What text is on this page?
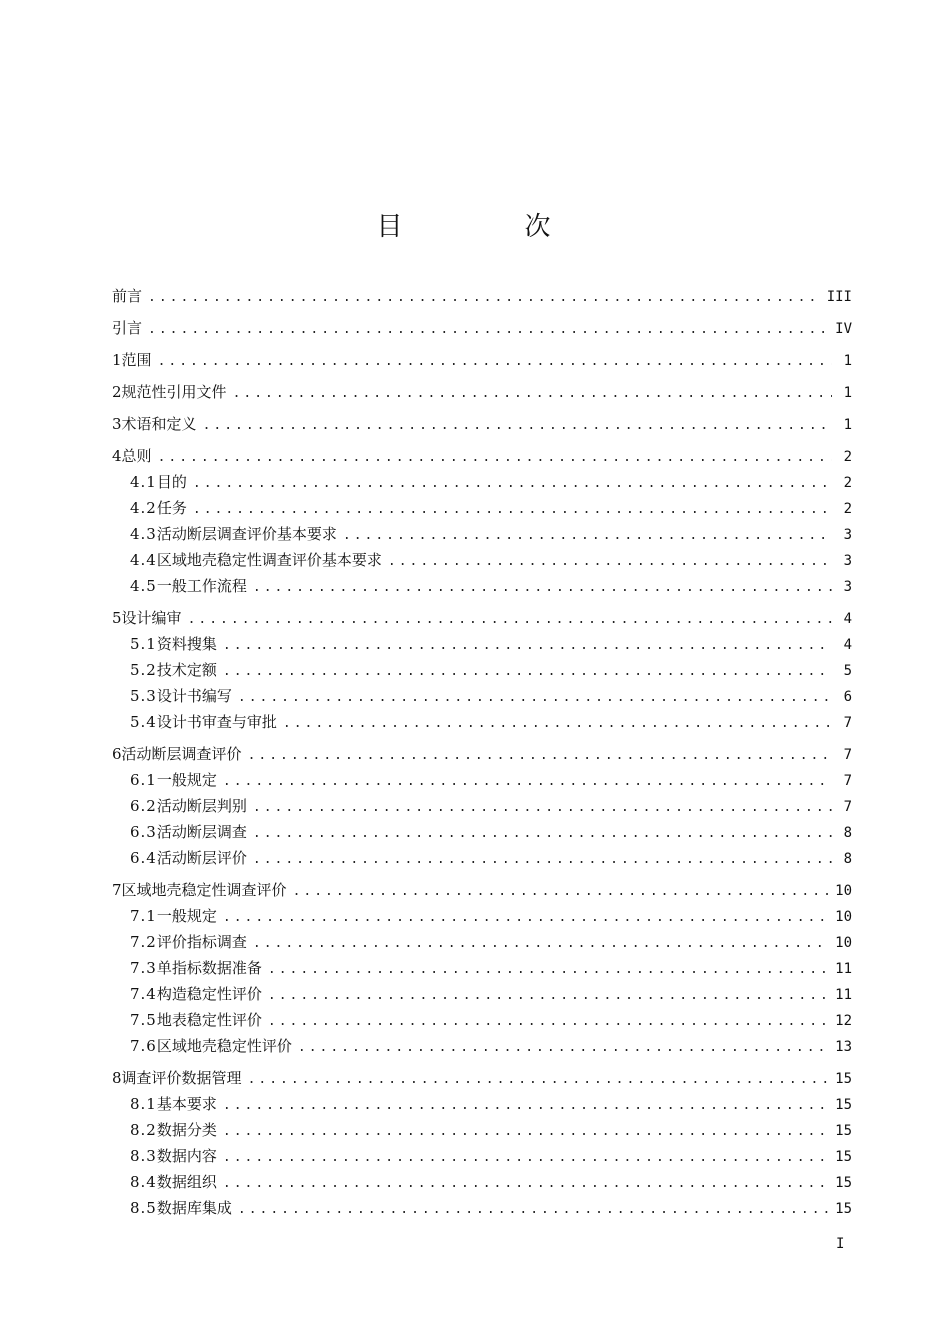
目　次
前言 .....	III
引言 .....	IV
1 范围 .....	1
2 规范性引用文件 .....	1
3 术语和定义 .....	1
4 总则 .....	2
4.1 目的 .....	2
4.2 任务 .....	2
4.3 活动断层调查评价基本要求 .....	3
4.4 区域地壳稳定性调查评价基本要求 .....	3
4.5 一般工作流程 .....	3
5 设计编审 .....	4
5.1 资料搜集 .....	4
5.2 技术定额 .....	5
5.3 设计书编写 .....	6
5.4 设计书审查与审批 .....	7
6 活动断层调查评价 .....	7
6.1 一般规定 .....	7
6.2 活动断层判别 .....	7
6.3 活动断层调查 .....	8
6.4 活动断层评价 .....	8
7 区域地壳稳定性调查评价 .....	10
7.1 一般规定 .....	10
7.2 评价指标调查 .....	10
7.3 单指标数据准备 .....	11
7.4 构造稳定性评价 .....	11
7.5 地表稳定性评价 .....	12
7.6 区域地壳稳定性评价 .....	13
8 调查评价数据管理 .....	15
8.1 基本要求 .....	15
8.2 数据分类 .....	15
8.3 数据内容 .....	15
8.4 数据组织 .....	15
8.5 数据库集成 .....	15
I
